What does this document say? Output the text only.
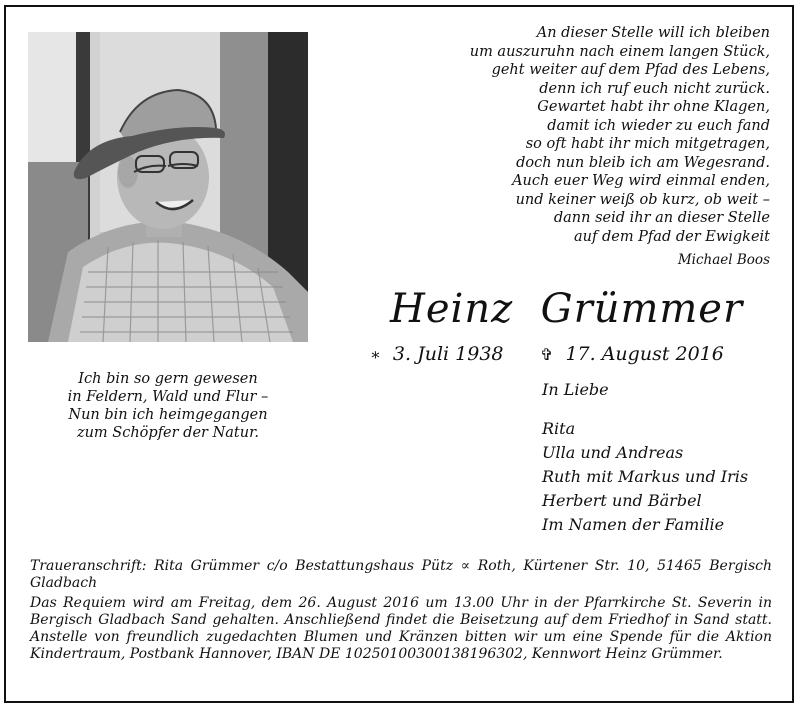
An dieser Stelle will ich bleiben
um auszuruhn nach einem langen Stück,
geht weiter auf dem Pfad des Lebens,
denn ich ruf euch nicht zurück.
Gewartet habt ihr ohne Klagen,
damit ich wieder zu euch fand
so oft habt ihr mich mitgetragen,
doch nun bleib ich am Wegesrand.
Auch euer Weg wird einmal enden,
und keiner weiß ob kurz, ob weit –
dann seid ihr an dieser Stelle
auf dem Pfad der Ewigkeit
Michael Boos
Heinz  Grümmer
∗ 3. Juli 1938 ✞ 17. August 2016
Ich bin so gern gewesen
in Feldern, Wald und Flur –
Nun bin ich heimgegangen
zum Schöpfer der Natur.
In Liebe
Rita
Ulla und Andreas
Ruth mit Markus und Iris
Herbert und Bärbel
Im Namen der Familie

Traueranschrift: Rita Grümmer c/o Bestattungshaus Pütz ∝ Roth, Kürtener Str. 10, 51465 Bergisch Gladbach

Das Requiem wird am Freitag, dem 26. August 2016 um 13.00 Uhr in der Pfarrkirche St. Severin in Bergisch Gladbach Sand gehalten. Anschließend findet die Beisetzung auf dem Friedhof in Sand statt. Anstelle von freundlich zugedachten Blumen und Kränzen bitten wir um eine Spende für die Aktion Kindertraum, Postbank Hannover, IBAN DE 10250100300138196302, Kennwort Heinz Grümmer.
